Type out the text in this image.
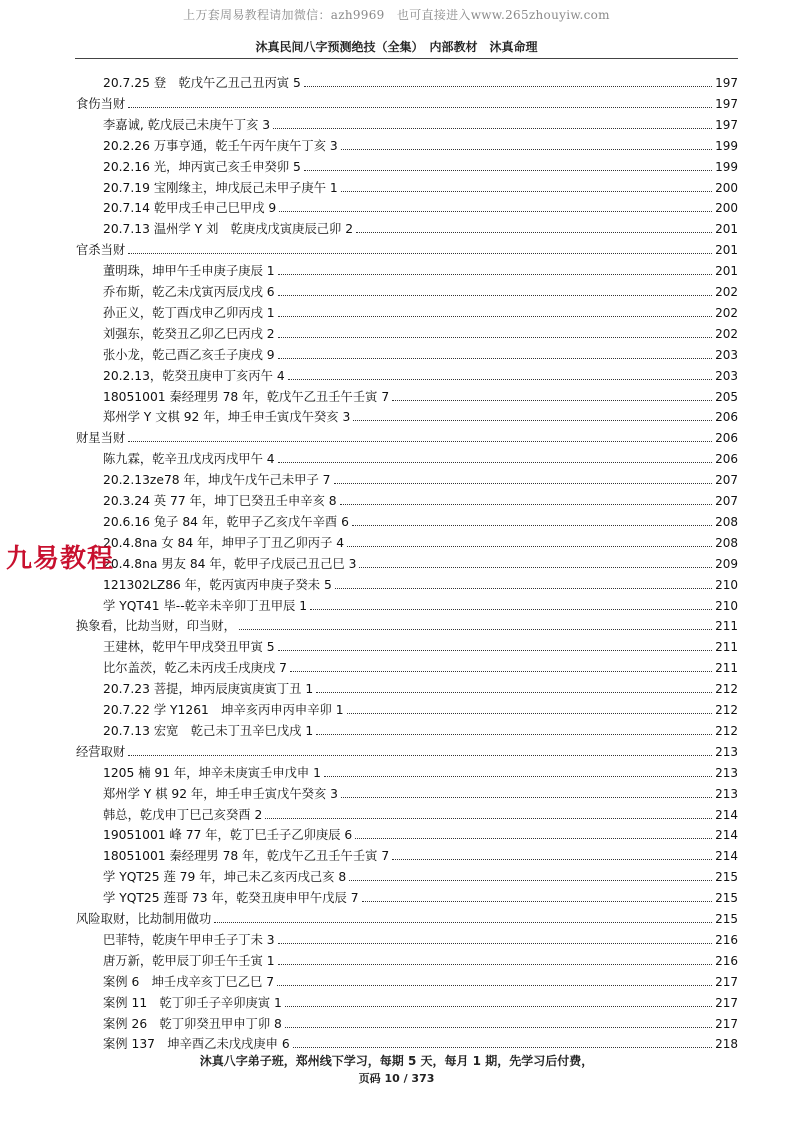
上万套周易教程请加微信：azh9969　也可直接进入www.265zhouyiw.com
沐真民间八字预测绝技（全集）　内部教材　沐真命理
20.7.25 登　乾戊午乙丑己丑丙寅 5	197
食伤当财	197
李嘉诚, 乾戊辰己未庚午丁亥 3	197
20.2.26 万事亨通，乾壬午丙午庚午丁亥 3	199
20.2.16 光，坤丙寅己亥壬申癸卯 5	199
20.7.19 宝刚缘主，坤戊辰己未甲子庚午 1	200
20.7.14 乾甲戌壬申己巳甲戌 9	200
20.7.13 温州学 Y 刘　乾庚戌戊寅庚辰己卯 2	201
官杀当财	201
董明珠，坤甲午壬申庚子庚辰 1	201
乔布斯，乾乙未戊寅丙辰戊戌 6	202
孙正义，乾丁酉戊申乙卯丙戌 1	202
刘强东，乾癸丑乙卯乙巳丙戌 2	202
张小龙，乾己酉乙亥壬子庚戌 9	203
20.2.13，乾癸丑庚申丁亥丙午 4	203
18051001 秦经理男 78 年，乾戊午乙丑壬午壬寅 7	205
郑州学 Y 文棋 92 年，坤壬申壬寅戊午癸亥 3	206
财星当财	206
陈九霖，乾辛丑戊戌丙戌甲午 4	206
20.2.13ze78 年，坤戊午戊午己未甲子 7	207
20.3.24 英 77 年，坤丁巳癸丑壬申辛亥 8	207
20.6.16 兔子 84 年，乾甲子乙亥戊午辛酉 6	208
20.4.8na 女 84 年，坤甲子丁丑乙卯丙子 4	208
20.4.8na 男友 84 年，乾甲子戊辰己丑己巳 3	209
121302LZ86 年，乾丙寅丙申庚子癸未 5	210
学 YQT41 毕--乾辛未辛卯丁丑甲辰 1	210
换象看，比劫当财，印当财，	211
王建林，乾甲午甲戌癸丑甲寅 5	211
比尔盖茨，乾乙未丙戌壬戌庚戌 7	211
20.7.23 菩提，坤丙辰庚寅庚寅丁丑 1	212
20.7.22 学 Y1261　坤辛亥丙申丙申辛卯 1	212
20.7.13 宏宽　乾己未丁丑辛巳戊戌 1	212
经营取财	213
1205 楠 91 年，坤辛未庚寅壬申戊申 1	213
郑州学 Y 棋 92 年，坤壬申壬寅戊午癸亥 3	213
韩总，乾戊申丁巳己亥癸酉 2	214
19051001 峰 77 年，乾丁巳壬子乙卯庚辰 6	214
18051001 秦经理男 78 年，乾戊午乙丑壬午壬寅 7	214
学 YQT25 莲 79 年，坤己未乙亥丙戌己亥 8	215
学 YQT25 莲哥 73 年，乾癸丑庚申甲午戊辰 7	215
风险取财，比劫制用做功	215
巴菲特，乾庚午甲申壬子丁未 3	216
唐万新，乾甲辰丁卯壬午壬寅 1	216
案例 6　坤壬戌辛亥丁巳乙巳 7	217
案例 11　乾丁卯壬子辛卯庚寅 1	217
案例 26　乾丁卯癸丑甲申丁卯 8	217
案例 137　坤辛酉乙未戊戌庚申 6	218
九易教程
沐真八字弟子班，郑州线下学习，每期 5 天，每月 1 期，先学习后付费，
页码 10 / 373
